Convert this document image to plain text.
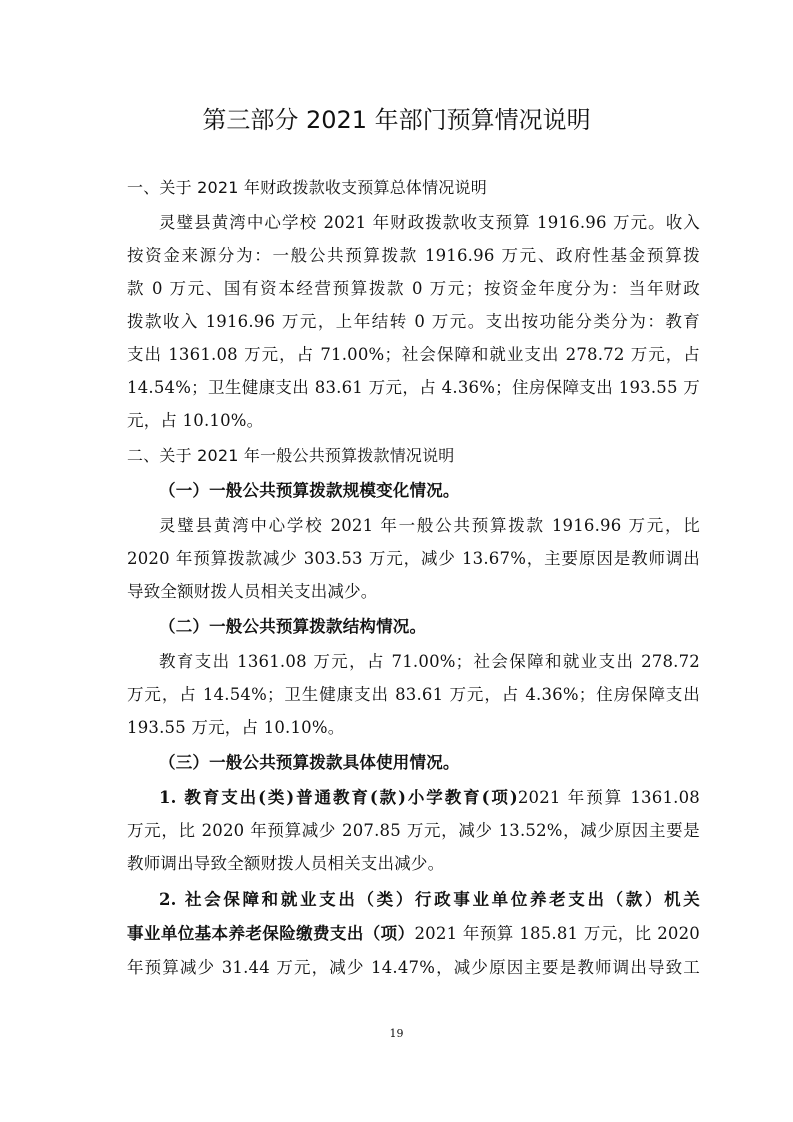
第三部分 2021 年部门预算情况说明
一、关于 2021 年财政拨款收支预算总体情况说明
灵璧县黄湾中心学校 2021 年财政拨款收支预算 1916.96 万元。收入
按资金来源分为：一般公共预算拨款 1916.96 万元、政府性基金预算拨
款 0 万元、国有资本经营预算拨款 0 万元；按资金年度分为：当年财政
拨款收入 1916.96 万元，上年结转 0 万元。支出按功能分类分为：教育
支出 1361.08 万元，占 71.00%；社会保障和就业支出 278.72 万元，占
14.54%；卫生健康支出 83.61 万元，占 4.36%；住房保障支出 193.55 万
元，占 10.10%。
二、关于 2021 年一般公共预算拨款情况说明
（一）一般公共预算拨款规模变化情况。
灵璧县黄湾中心学校 2021 年一般公共预算拨款 1916.96 万元，比
2020 年预算拨款减少 303.53 万元，减少 13.67%，主要原因是教师调出
导致全额财拨人员相关支出减少。
（二）一般公共预算拨款结构情况。
教育支出 1361.08 万元，占 71.00%；社会保障和就业支出 278.72
万元，占 14.54%；卫生健康支出 83.61 万元，占 4.36%；住房保障支出
193.55 万元，占 10.10%。
（三）一般公共预算拨款具体使用情况。
1. 教育支出(类)普通教育(款)小学教育(项)2021 年预算 1361.08
万元，比 2020 年预算减少 207.85 万元，减少 13.52%，减少原因主要是
教师调出导致全额财拨人员相关支出减少。
2. 社会保障和就业支出（类）行政事业单位养老支出（款）机关
事业单位基本养老保险缴费支出（项）2021 年预算 185.81 万元，比 2020
年预算减少 31.44 万元，减少 14.47%，减少原因主要是教师调出导致工
19
